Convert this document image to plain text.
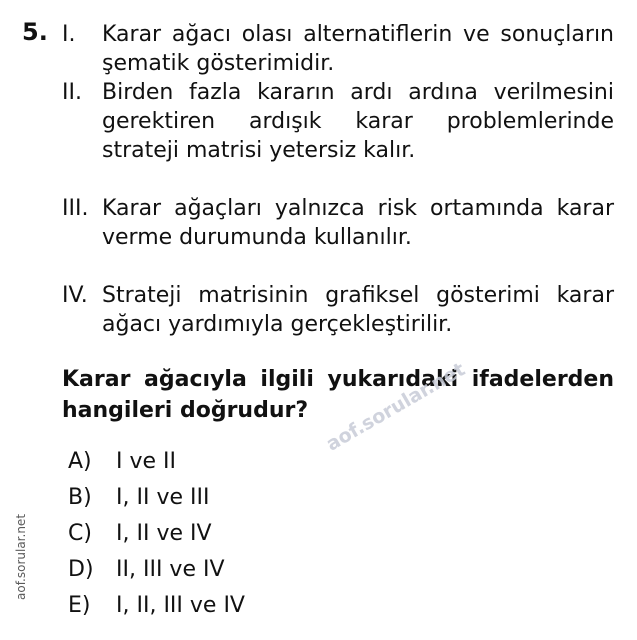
5. I. Karar ağacı olası alternatiflerin ve sonuçların şematik gösterimidir.
II. Birden fazla kararın ardı ardına verilmesini gerektiren ardışık karar problemlerinde strateji matrisi yetersiz kalır.
III. Karar ağaçları yalnızca risk ortamında karar verme durumunda kullanılır.
IV. Strateji matrisinin grafiksel gösterimi karar ağacı yardımıyla gerçekleştirilir.
Karar ağacıyla ilgili yukarıdaki ifadelerden hangileri doğrudur? aof.sorular.net
A) I ve II
B) I, II ve III
C) I, II ve IV
D) II, III ve IV
E) I, II, III ve IV
aof.sorular.net
